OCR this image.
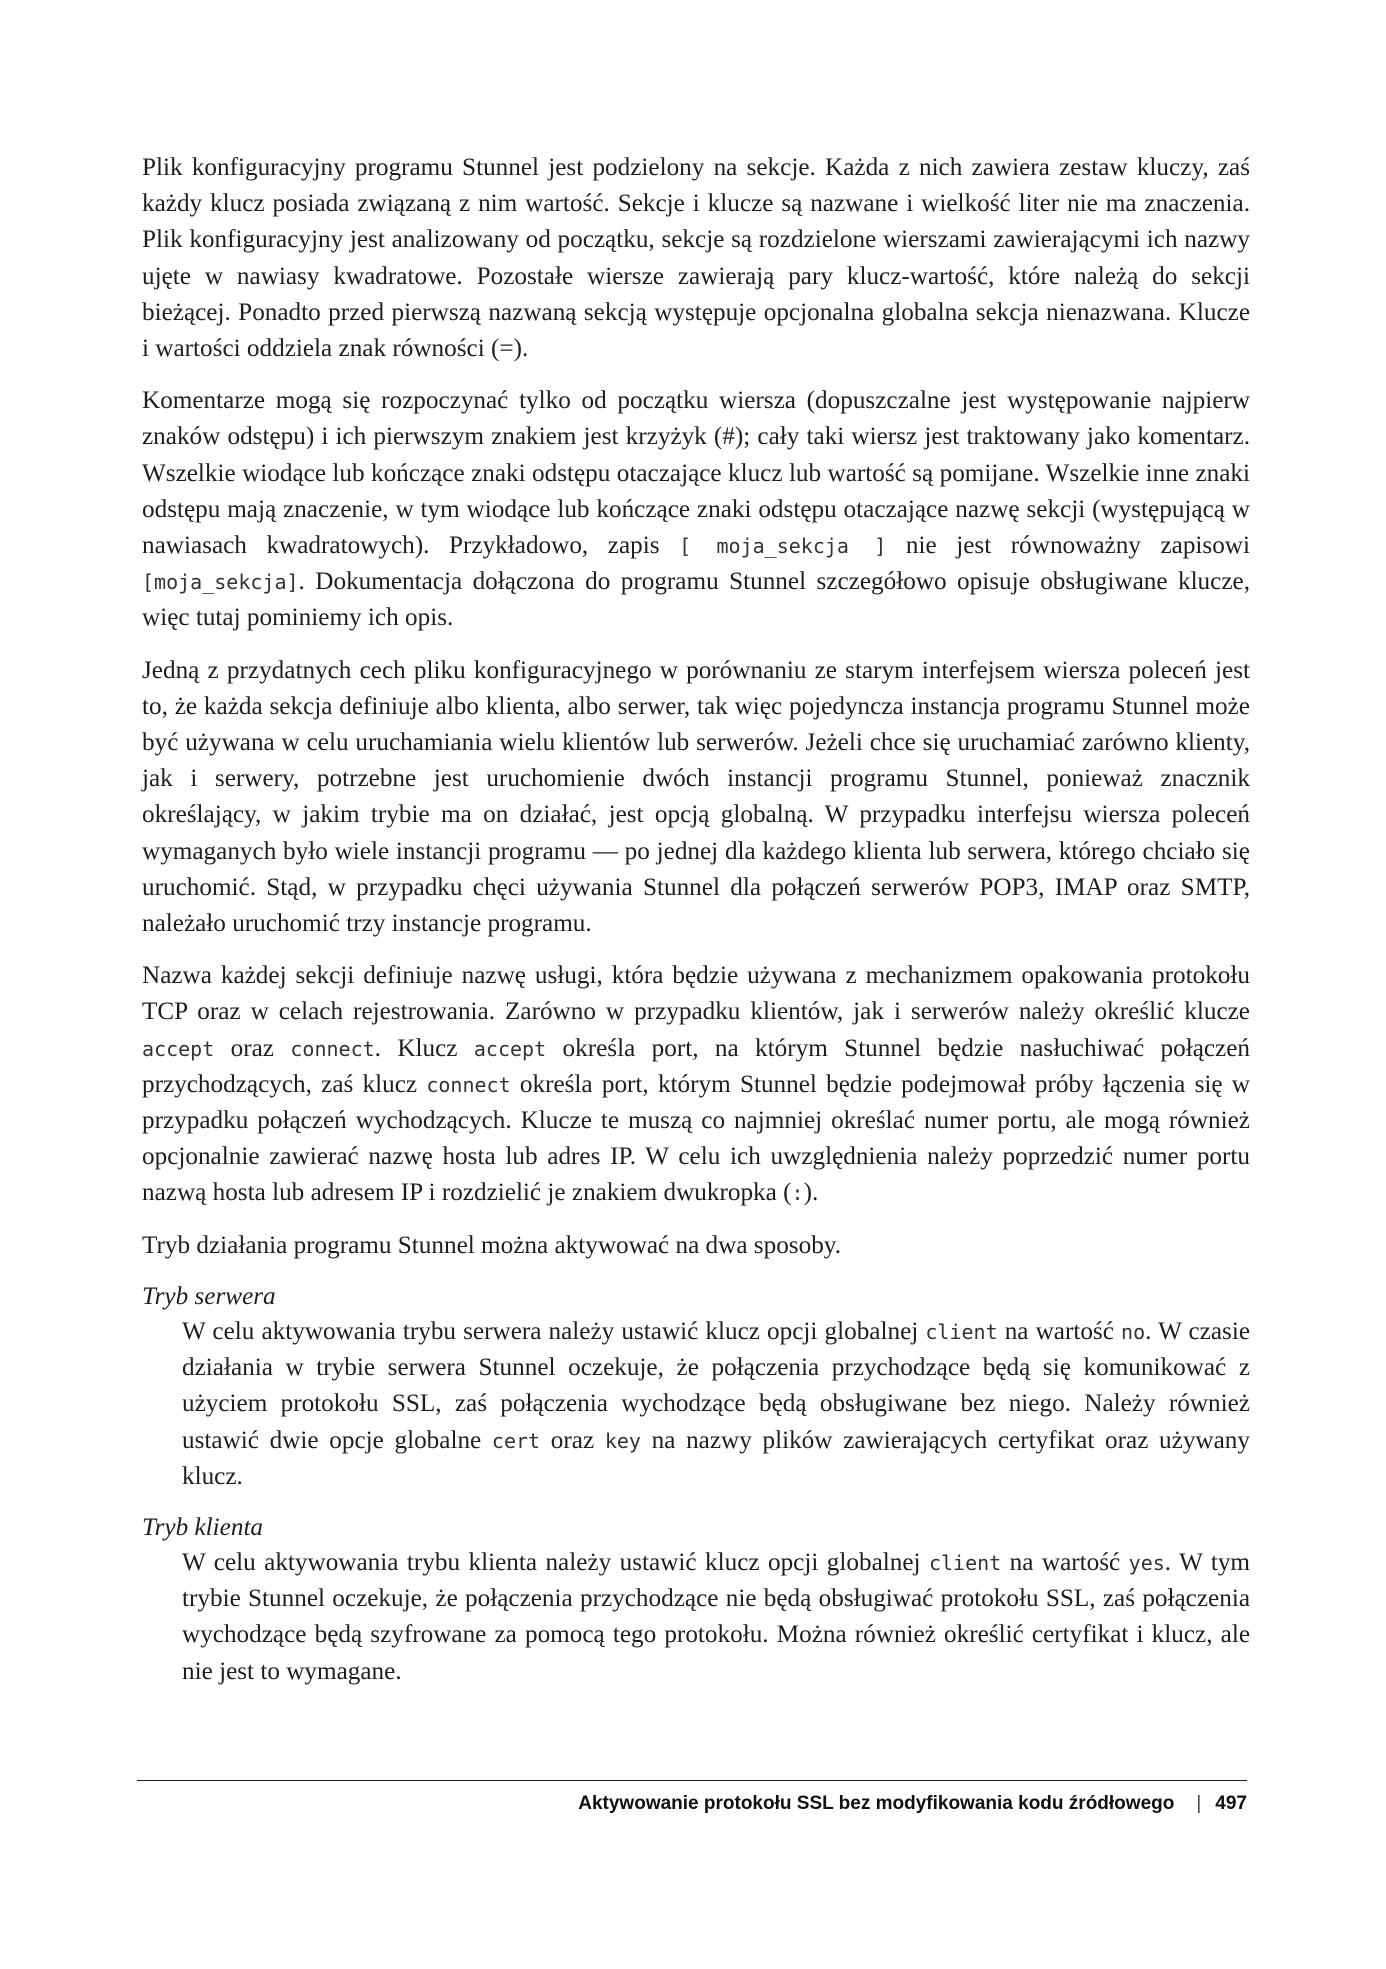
Plik konfiguracyjny programu Stunnel jest podzielony na sekcje. Każda z nich zawiera zestaw kluczy, zaś każdy klucz posiada związaną z nim wartość. Sekcje i klucze są nazwane i wielkość liter nie ma znaczenia. Plik konfiguracyjny jest analizowany od początku, sekcje są rozdzielone wierszami zawierającymi ich nazwy ujęte w nawiasy kwadratowe. Pozostałe wiersze zawierają pary klucz-wartość, które należą do sekcji bieżącej. Ponadto przed pierwszą nazwaną sekcją występuje opcjonalna globalna sekcja nienazwana. Klucze i wartości oddziela znak równości (=).

Komentarze mogą się rozpoczynać tylko od początku wiersza (dopuszczalne jest występowanie najpierw znaków odstępu) i ich pierwszym znakiem jest krzyżyk (#); cały taki wiersz jest traktowany jako komentarz. Wszelkie wiodące lub kończące znaki odstępu otaczające klucz lub wartość są pomijane. Wszelkie inne znaki odstępu mają znaczenie, w tym wiodące lub kończące znaki odstępu otaczające nazwę sekcji (występującą w nawiasach kwadratowych). Przykładowo, zapis [ moja_sekcja ] nie jest równoważny zapisowi [moja_sekcja]. Dokumentacja dołączona do programu Stunnel szczegółowo opisuje obsługiwane klucze, więc tutaj pominiemy ich opis.

Jedną z przydatnych cech pliku konfiguracyjnego w porównaniu ze starym interfejsem wiersza poleceń jest to, że każda sekcja definiuje albo klienta, albo serwer, tak więc pojedyncza instancja programu Stunnel może być używana w celu uruchamiania wielu klientów lub serwerów. Jeżeli chce się uruchamiać zarówno klienty, jak i serwery, potrzebne jest uruchomienie dwóch instancji programu Stunnel, ponieważ znacznik określający, w jakim trybie ma on działać, jest opcją globalną. W przypadku interfejsu wiersza poleceń wymaganych było wiele instancji programu — po jednej dla każdego klienta lub serwera, którego chciało się uruchomić. Stąd, w przypadku chęci używania Stunnel dla połączeń serwerów POP3, IMAP oraz SMTP, należało uruchomić trzy instancje programu.

Nazwa każdej sekcji definiuje nazwę usługi, która będzie używana z mechanizmem opakowania protokołu TCP oraz w celach rejestrowania. Zarówno w przypadku klientów, jak i serwerów należy określić klucze accept oraz connect. Klucz accept określa port, na którym Stunnel będzie nasłuchiwać połączeń przychodzących, zaś klucz connect określa port, którym Stunnel będzie podejmował próby łączenia się w przypadku połączeń wychodzących. Klucze te muszą co najmniej określać numer portu, ale mogą również opcjonalnie zawierać nazwę hosta lub adres IP. W celu ich uwzględnienia należy poprzedzić numer portu nazwą hosta lub adresem IP i rozdzielić je znakiem dwukropka (:).

Tryb działania programu Stunnel można aktywować na dwa sposoby.

Tryb serwera

W celu aktywowania trybu serwera należy ustawić klucz opcji globalnej client na wartość no. W czasie działania w trybie serwera Stunnel oczekuje, że połączenia przychodzące będą się komunikować z użyciem protokołu SSL, zaś połączenia wychodzące będą obsługiwane bez niego. Należy również ustawić dwie opcje globalne cert oraz key na nazwy plików zawierających certyfikat oraz używany klucz.

Tryb klienta

W celu aktywowania trybu klienta należy ustawić klucz opcji globalnej client na wartość yes. W tym trybie Stunnel oczekuje, że połączenia przychodzące nie będą obsługiwać protokołu SSL, zaś połączenia wychodzące będą szyfrowane za pomocą tego protokołu. Można również określić certyfikat i klucz, ale nie jest to wymagane.

Aktywowanie protokołu SSL bez modyfikowania kodu źródłowego | 497
